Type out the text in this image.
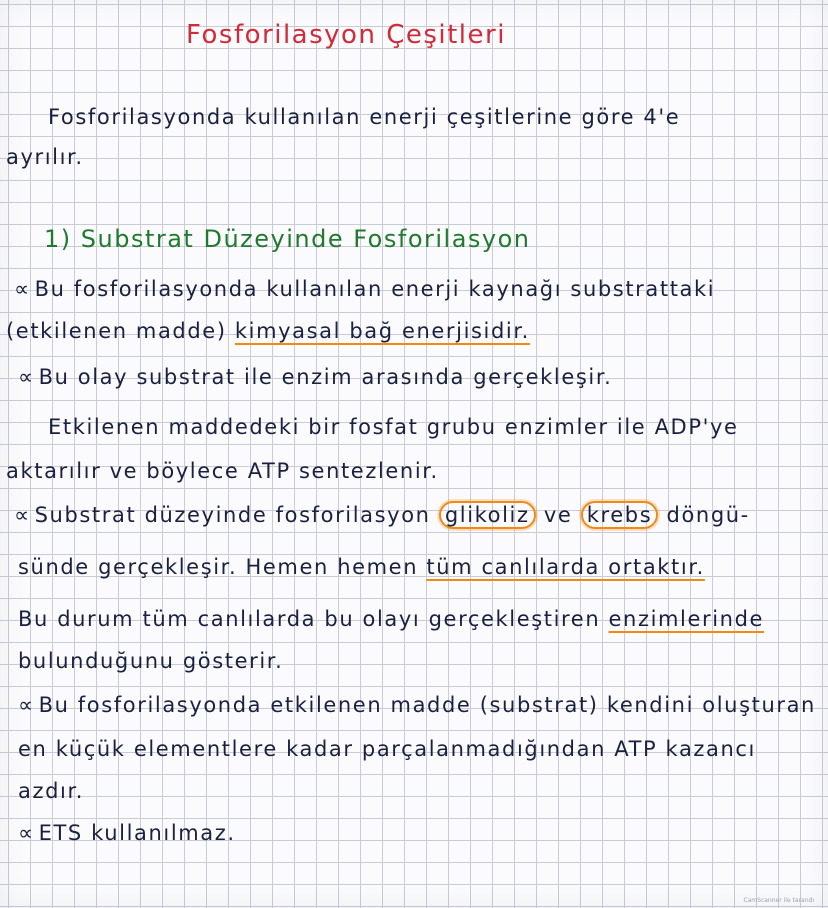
Fosforilasyon Çeşitleri
Fosforilasyonda kullanılan enerji çeşitlerine göre 4'e
ayrılır.
1) Substrat Düzeyinde Fosforilasyon
∝ Bu fosforilasyonda kullanılan enerji kaynağı substrattaki
(etkilenen madde) kimyasal bağ enerjisidir.
∝ Bu olay substrat ile enzim arasında gerçekleşir.
Etkilenen maddedeki bir fosfat grubu enzimler ile ADP'ye
aktarılır ve böylece ATP sentezlenir.
∝ Substrat düzeyinde fosforilasyon glikoliz ve krebs döngü-
sünde gerçekleşir. Hemen hemen tüm canlılarda ortaktır.
Bu durum tüm canlılarda bu olayı gerçekleştiren enzimlerinde
bulunduğunu gösterir.
∝ Bu fosforilasyonda etkilenen madde (substrat) kendini oluşturan
en küçük elementlere kadar parçalanmadığından ATP kazancı
azdır.
∝ ETS kullanılmaz.
CamScanner ile tarandı
